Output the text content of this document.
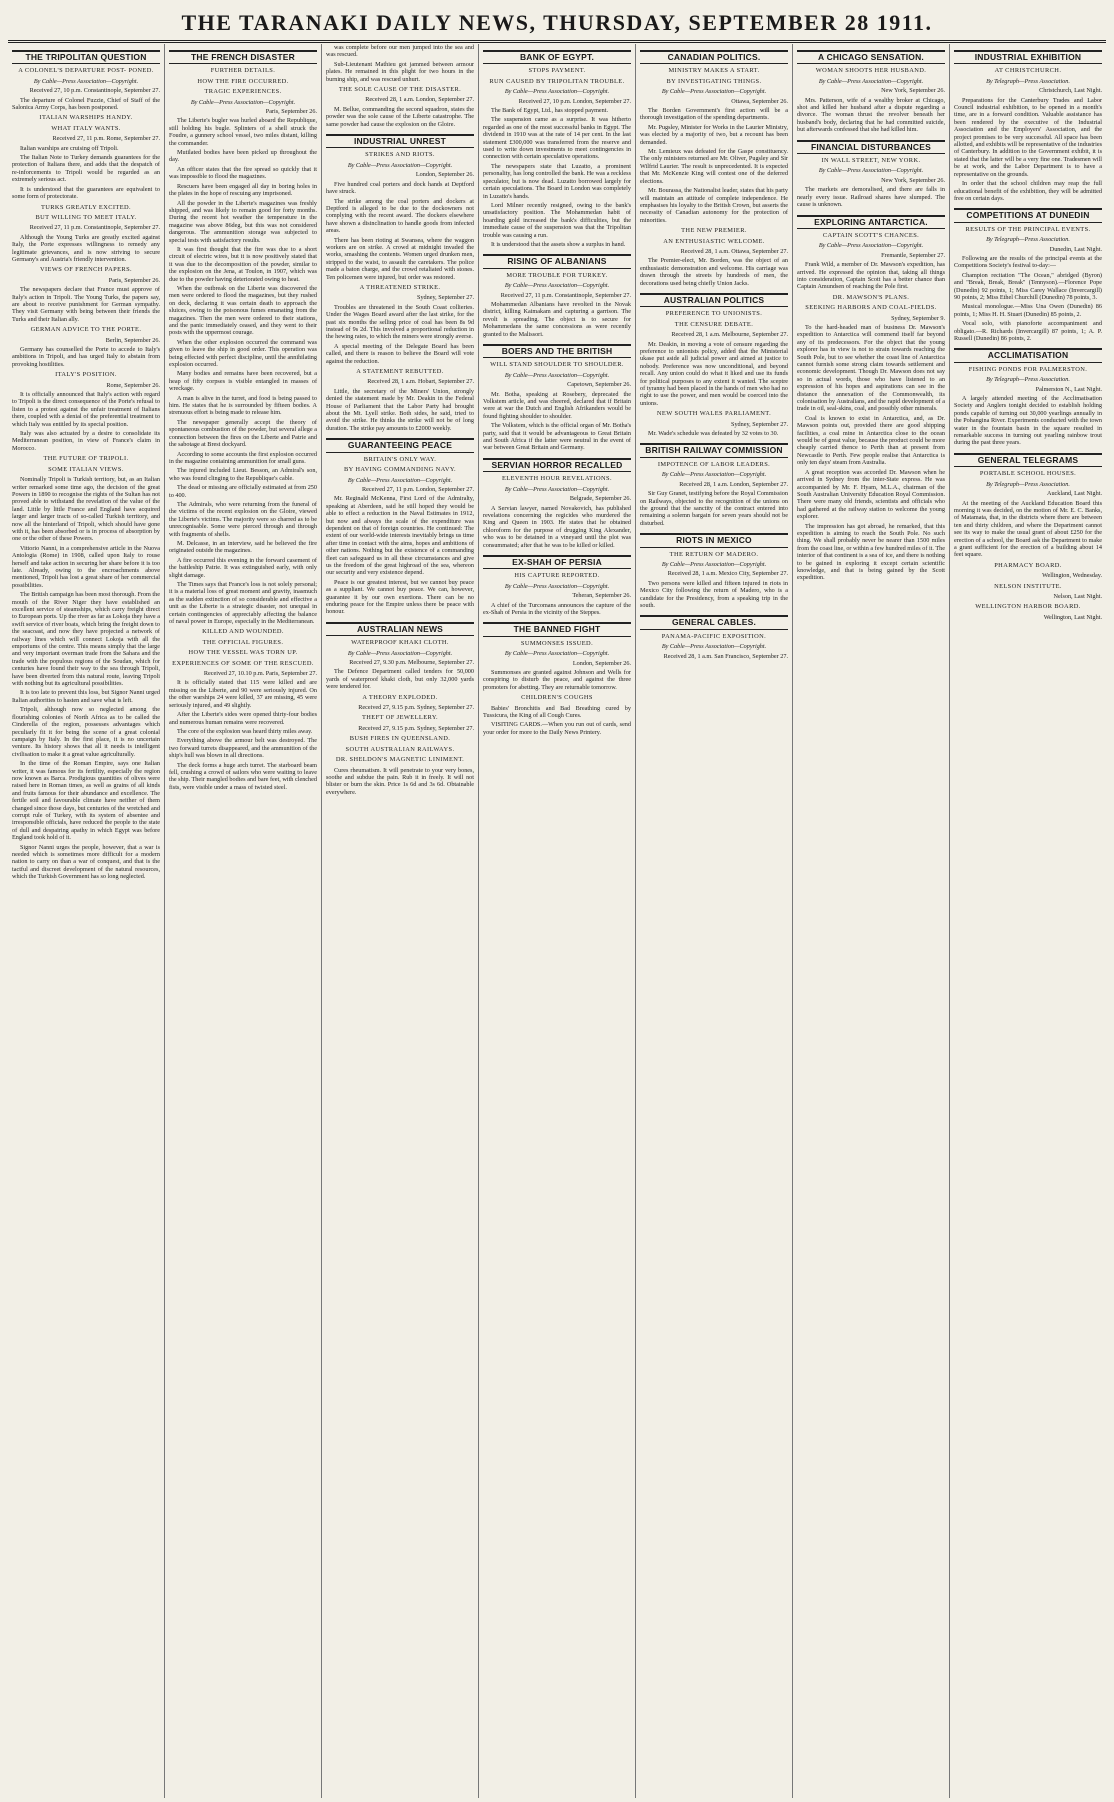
THE TARANAKI DAILY NEWS, THURSDAY, SEPTEMBER 28 1911.
THE TRIPOLITAN QUESTION
A COLONEL'S DEPARTURE POST- PONED.
By Cable—Press Association—Copyright.
Received 27, 10 p.m. Constantinople, September 27.
The departure of Colonel Fuzzie, Chief of Staff of the Salonica Army Corps, has been postponed.
ITALIAN WARSHIPS HANDY.
WHAT ITALY WANTS.
Received 27, 11 p.m. Rome, September 27.
Italian warships are cruising off Tripoli.
The Italian Note to Turkey demands guarantees for the protection of Italians there, and adds that the despatch of re-inforcements to Tripoli would be regarded as an extremely serious act.
It is understood that the guarantees are equivalent to some form of protectorate.
TURKS GREATLY EXCITED.
BUT WILLING TO MEET ITALY.
Received 27, 11 p.m. Constantinople, September 27.
Although the Young Turks are greatly excited against Italy, the Porte expresses willingness to remedy any legitimate grievances, and is now striving to secure Germany's and Austria's friendly intervention.
VIEWS OF FRENCH PAPERS.
Paris, September 26.
The newspapers declare that France must approve of Italy's action in Tripoli. The Young Turks, the papers say, are about to receive punishment for German sympathy. They visit Germany with being between their friends the Turks and their Italian ally.
GERMAN ADVICE TO THE PORTE.
Berlin, September 26.
Germany has counselled the Porte to accede to Italy's ambitions in Tripoli, and has urged Italy to abstain from provoking hostilities.
ITALY'S POSITION.
Rome, September 26.
It is officially announced that Italy's action with regard to Tripoli is the direct consequence of the Porte's refusal to listen to a protest against the unfair treatment of Italians there, coupled with a denial of the preferential treatment to which Italy was entitled by its special position.
Italy was also actuated by a desire to consolidate its Mediterranean position, in view of France's claim in Morocco.
THE FUTURE OF TRIPOLI.
SOME ITALIAN VIEWS.
Nominally Tripoli is Turkish territory, but, as an Italian writer remarked some time ago, the decision of the great Powers in 1890 to recognise the rights of the Sultan has not proved able to withstand the revelation of the value of the land. Little by little France and England have acquired larger and larger tracts of so-called Turkish territory, and now all the hinterland of Tripoli, which should have gone with it, has been absorbed or is in process of absorption by one or the other of these Powers.
Vittorio Nanni, in a comprehensive article in the Nuova Antologia (Rome) in 1908, called upon Italy to rouse herself and take action in securing her share before it is too late. Already, owing to the encroachments above mentioned, Tripoli has lost a great share of her commercial possibilities.
The British campaign has been most thorough. From the mouth of the River Niger they have established an excellent service of steamships, which carry freight direct to European ports. Up the river as far as Lokoja they have a swift service of river boats, which bring the freight down to the seacoast, and now they have projected a network of railway lines which will connect Lokoja with all the emporiums of the centre. This means simply that the large and very important overman trade from the Sahara and the trade with the populous regions of the Soudan, which for centuries have found their way to the sea through Tripoli, have been diverted from this natural route, leaving Tripoli with nothing but its agricultural possibilities.
It is too late to prevent this loss, but Signor Nanni urged Italian authorities to hasten and save what is left.
Tripoli, although now so neglected among the flourishing colonies of North Africa as to be called the Cinderella of the region, possesses advantages which peculiarly fit it for being the scene of a great colonial campaign by Italy. In the first place, it is no uncertain venture. Its history shows that all it needs is intelligent civilisation to make it a great value agriculturally.
In the time of the Roman Empire, says one Italian writer, it was famous for its fertility, especially the region now known as Barca. Prodigious quantities of olives were raised here in Roman times, as well as grains of all kinds and fruits famous for their abundance and excellence. The fertile soil and favourable climate have neither of them changed since those days, but centuries of the wretched and corrupt rule of Turkey, with its system of absentee and irresponsible officials, have reduced the people to the state of dull and despairing apathy in which Egypt was before England took hold of it.
Signor Nanni urges the people, however, that a war is needed which is sometimes more difficult for a modern nation to carry on than a war of conquest, and that is the tactful and discreet development of the natural resources, which the Turkish Government has so long neglected.
THE FRENCH DISASTER
FURTHER DETAILS.
HOW THE FIRE OCCURRED.
TRAGIC EXPERIENCES.
By Cable—Press Association—Copyright.
Paris, September 26.
The Liberte's bugler was hurled aboard the Republique, still holding his bugle. Splinters of a shell struck the Foudre, a gunnery school vessel, two miles distant, killing the commander.
Mutilated bodies have been picked up throughout the day.
An officer states that the fire spread so quickly that it was impossible to flood the magazines.
Rescuers have been engaged all day in boring holes in the plates in the hope of rescuing any imprisoned.
All the powder in the Liberte's magazines was freshly shipped, and was likely to remain good for forty months. During the recent hot weather the temperature in the magazine was above 86deg, but this was not considered dangerous. The ammunition storage was subjected to special tests with satisfactory results.
It was first thought that the fire was due to a short circuit of electric wires, but it is now positively stated that it was due to the decomposition of the powder, similar to the explosion on the Jena, at Toulon, in 1907, which was due to the powder having deteriorated owing to heat.
When the outbreak on the Liberte was discovered the men were ordered to flood the magazines, but they rushed on deck, declaring it was certain death to approach the sluices, owing to the poisonous fumes emanating from the magazines. Then the men were ordered to their stations, and the panic immediately ceased, and they went to their posts with the uppermost courage.
When the other explosion occurred the command was given to leave the ship in good order. This operation was being effected with perfect discipline, until the annihilating explosion occurred.
Many bodies and remains have been recovered, but a heap of fifty corpses is visible entangled in masses of wreckage.
A man is alive in the turret, and food is being passed to him. He states that he is surrounded by fifteen bodies. A strenuous effort is being made to release him.
The newspaper generally accept the theory of spontaneous combustion of the powder, but several allege a connection between the fires on the Liberte and Patrie and the sabotage at Brest dockyard.
According to some accounts the first explosion occurred in the magazine containing ammunition for small guns.
The injured included Lieut. Besson, an Admiral's son, who was found clinging to the Republique's cable.
The dead or missing are officially estimated at from 250 to 400.
The Admirals, who were returning from the funeral of the victims of the recent explosion on the Gloire, viewed the Liberte's victims. The majority were so charred as to be unrecognisable. Some were pierced through and through with fragments of shells.
M. Delcasse, in an interview, said he believed the fire originated outside the magazines.
A fire occurred this evening in the forward casement of the battleship Patrie. It was extinguished early, with only slight damage.
The Times says that France's loss is not solely personal; it is a material loss of great moment and gravity, inasmuch as the sudden extinction of so considerable and effective a unit as the Liberte is a strategic disaster, not unequal in certain contingencies of appreciably affecting the balance of naval power in Europe, especially in the Mediterranean.
KILLED AND WOUNDED.
THE OFFICIAL FIGURES.
HOW THE VESSEL WAS TORN UP.
EXPERIENCES OF SOME OF THE RESCUED.
Received 27, 10.10 p.m. Paris, September 27.
It is officially stated that 115 were killed and are missing on the Liberte, and 90 were seriously injured. On the other warships 24 were killed, 37 are missing, 45 were seriously injured, and 49 slightly.
After the Liberte's sides were opened thirty-four bodies and numerous human remains were recovered.
The core of the explosion was heard thirty miles away.
Everything above the armour belt was destroyed. The two forward turrets disappeared, and the ammunition of the ship's hull was blown in all directions.
The deck forms a huge arch turret. The starboard beam fell, crushing a crowd of sailors who were waiting to leave the ship. Their mangled bodies and bare feet, with clenched fists, were visible under a mass of twisted steel.
was complete before our men jumped into the sea and was rescued.
Sub-Lieutenant Mathieu got jammed between armour plates. He remained in this plight for two hours in the burning ship, and was rescued unhurt.
THE SOLE CAUSE OF THE DISASTER.
Received 28, 1 a.m. London, September 27.
M. Bellue, commanding the second squadron, states the powder was the sole cause of the Liberte catastrophe. The same powder had cause the explosion on the Gloire.
INDUSTRIAL UNREST
STRIKES AND RIOTS.
By Cable—Press Association—Copyright.
London, September 26.
Five hundred coal porters and dock hands at Deptford have struck.
The strike among the coal porters and dockers at Deptford is alleged to be due to the dockowners not complying with the recent award. The dockers elsewhere have shown a disinclination to handle goods from infected areas.
There has been rioting at Swansea, where the waggon workers are on strike. A crowd at midnight invaded the works, smashing the contents. Women urged drunken men, stripped to the waist, to assault the caretakers. The police made a baton charge, and the crowd retaliated with stones. Ten policemen were injured, but order was restored.
A THREATENED STRIKE.
Sydney, September 27.
Troubles are threatened in the South Coast collieries. Under the Wages Board award after the last strike, for the past six months the selling price of coal has been 8s 9d instead of 9s 2d. This involved a proportional reduction in the hewing rates, to which the miners were strongly averse.
A special meeting of the Delegate Board has been called, and there is reason to believe the Board will vote against the reduction.
A STATEMENT REBUTTED.
Received 28, 1 a.m. Hobart, September 27.
Little, the secretary of the Miners' Union, strongly denied the statement made by Mr. Deakin in the Federal House of Parliament that the Labor Party had brought about the Mt. Lyell strike. Both sides, he said, tried to avoid the strike. He thinks the strike will not be of long duration. The strike pay amounts to £2000 weekly.
GUARANTEEING PEACE
BRITAIN'S ONLY WAY.
BY HAVING COMMANDING NAVY.
By Cable—Press Association—Copyright.
Received 27, 11 p.m. London, September 27.
Mr. Reginald McKenna, First Lord of the Admiralty, speaking at Aberdeen, said he still hoped they would be able to effect a reduction in the Naval Estimates in 1912, but now and always the scale of the expenditure was dependent on that of foreign countries. He continued: The extent of our world-wide interests inevitably brings us time after time in contact with the aims, hopes and ambitions of other nations. Nothing but the existence of a commanding fleet can safeguard us in all these circumstances and give us the freedom of the great highroad of the sea, whereon our security and very existence depend.
Peace is our greatest interest, but we cannot buy peace as a suppliant. We cannot buy peace. We can, however, guarantee it by our own exertions. There can be no enduring peace for the Empire unless there be peace with honour.
AUSTRALIAN NEWS
WATERPROOF KHAKI CLOTH.
By Cable—Press Association—Copyright.
Received 27, 9.30 p.m. Melbourne, September 27.
The Defence Department called tenders for 50,000 yards of waterproof khaki cloth, but only 32,000 yards were tendered for.
A THEORY EXPLODED.
Received 27, 9.15 p.m. Sydney, September 27.
THEFT OF JEWELLERY.
Received 27, 9.15 p.m. Sydney, September 27.
BUSH FIRES IN QUEENSLAND.
SOUTH AUSTRALIAN RAILWAYS.
DR. SHELDON'S MAGNETIC LINIMENT.
Cures rheumatism. It will penetrate to your very bones, soothe and subdue the pain. Rub it in freely. It will not blister or burn the skin. Price 1s 6d and 3s 6d. Obtainable everywhere.
BANK OF EGYPT.
STOPS PAYMENT.
RUN CAUSED BY TRIPOLITAN TROUBLE.
By Cable—Press Association—Copyright.
Received 27, 10 p.m. London, September 27.
The Bank of Egypt, Ltd., has stopped payment.
The suspension came as a surprise. It was hitherto regarded as one of the most successful banks in Egypt. The dividend in 1910 was at the rate of 14 per cent. In the last statement £300,000 was transferred from the reserve and used to write down investments to meet contingencies in connection with certain speculative operations.
The newspapers state that Luzatto, a prominent personality, has long controlled the bank. He was a reckless speculator, but is now dead. Luzatto borrowed largely for certain speculations. The Board in London was completely in Luzatto's hands.
Lord Milner recently resigned, owing to the bank's unsatisfactory position. The Mohammedan habit of hoarding gold increased the bank's difficulties, but the immediate cause of the suspension was that the Tripolitan trouble was causing a run.
It is understood that the assets show a surplus in hand.
RISING OF ALBANIANS
MORE TROUBLE FOR TURKEY.
By Cable—Press Association—Copyright.
Received 27, 11 p.m. Constantinople, September 27.
Mohammedan Albanians have revolted in the Novak district, killing Kaimakam and capturing a garrison. The revolt is spreading. The object is to secure for Mohammedans the same concessions as were recently granted to the Malissori.
BOERS AND THE BRITISH
WILL STAND SHOULDER TO SHOULDER.
By Cable—Press Association—Copyright.
Capetown, September 26.
Mr. Botha, speaking at Rosebery, deprecated the Volkstem article, and was cheered, declared that if Britain were at war the Dutch and English Afrikanders would be found fighting shoulder to shoulder.
The Volkstem, which is the official organ of Mr. Botha's party, said that it would be advantageous to Great Britain and South Africa if the latter were neutral in the event of war between Great Britain and Germany.
SERVIAN HORROR RECALLED
ELEVENTH HOUR REVELATIONS.
By Cable—Press Association—Copyright.
Belgrade, September 26.
A Servian lawyer, named Novakovich, has published revelations concerning the regicides who murdered the King and Queen in 1903. He states that he obtained chloroform for the purpose of drugging King Alexander, who was to be detained in a vineyard until the plot was consummated; after that he was to be killed or killed.
EX-SHAH OF PERSIA
HIS CAPTURE REPORTED.
By Cable—Press Association—Copyright.
Teheran, September 26.
A chief of the Turcomans announces the capture of the ex-Shah of Persia in the vicinity of the Steppes.
THE BANNED FIGHT
SUMMONSES ISSUED.
By Cable—Press Association—Copyright.
London, September 26.
Summonses are granted against Johnson and Wells for conspiring to disturb the peace, and against the three promoters for abetting. They are returnable tomorrow.
CHILDREN'S COUGHS
Babies' Bronchitis and Bad Breathing cured by Tussicura, the King of all Cough Cures.
VISITING CARDS.—When you run out of cards, send your order for more to the Daily News Printery.
CANADIAN POLITICS.
MINISTRY MAKES A START.
BY INVESTIGATING THINGS.
By Cable—Press Association—Copyright.
Ottawa, September 26.
The Borden Government's first action will be a thorough investigation of the spending departments.
Mr. Pugsley, Minister for Works in the Laurier Ministry, was elected by a majority of two, but a recount has been demanded.
Mr. Lemieux was defeated for the Gaspe constituency. The only ministers returned are Mr. Oliver, Pugsley and Sir Wilfrid Laurier. The result is unprecedented. It is expected that Mr. McKenzie King will contest one of the deferred elections.
Mr. Bourassa, the Nationalist leader, states that his party will maintain an attitude of complete independence. He emphasises his loyalty to the British Crown, but asserts the necessity of Canadian autonomy for the protection of minorities.
THE NEW PREMIER.
AN ENTHUSIASTIC WELCOME.
Received 28, 1 a.m. Ottawa, September 27.
The Premier-elect, Mr. Borden, was the object of an enthusiastic demonstration and welcome. His carriage was drawn through the streets by hundreds of men, the decorations used being chiefly Union Jacks.
AUSTRALIAN POLITICS
PREFERENCE TO UNIONISTS.
THE CENSURE DEBATE.
Received 28, 1 a.m. Melbourne, September 27.
Mr. Deakin, in moving a vote of censure regarding the preference to unionists policy, added that the Ministerial ukase put aside all judicial power and aimed at justice to nobody. Preference was now unconditional, and beyond recall. Any union could do what it liked and use its funds for political purposes to any extent it wanted. The sceptre of tyranny had been placed in the hands of men who had no right to use the power, and men would be coerced into the unions.
NEW SOUTH WALES PARLIAMENT.
Sydney, September 27.
Mr. Wade's schedule was defeated by 32 votes to 30.
BRITISH RAILWAY COMMISSION
IMPOTENCE OF LABOR LEADERS.
By Cable—Press Association—Copyright.
Received 28, 1 a.m. London, September 27.
Sir Guy Granet, testifying before the Royal Commission on Railways, objected to the recognition of the unions on the ground that the sanctity of the contract entered into remaining a solemn bargain for seven years should not be disturbed.
RIOTS IN MEXICO
THE RETURN OF MADERO.
By Cable—Press Association—Copyright.
Received 28, 1 a.m. Mexico City, September 27.
Two persons were killed and fifteen injured in riots in Mexico City following the return of Madero, who is a candidate for the Presidency, from a speaking trip in the south.
GENERAL CABLES.
PANAMA-PACIFIC EXPOSITION.
By Cable—Press Association—Copyright.
Received 28, 1 a.m. San Francisco, September 27.
A CHICAGO SENSATION.
WOMAN SHOOTS HER HUSBAND.
By Cable—Press Association—Copyright.
New York, September 26.
Mrs. Patterson, wife of a wealthy broker at Chicago, shot and killed her husband after a dispute regarding a divorce. The woman thrust the revolver beneath her husband's body, declaring that he had committed suicide, but afterwards confessed that she had killed him.
FINANCIAL DISTURBANCES
IN WALL STREET, NEW YORK.
By Cable—Press Association—Copyright.
New York, September 26.
The markets are demoralised, and there are falls in nearly every issue. Railroad shares have slumped. The cause is unknown.
EXPLORING ANTARCTICA.
CAPTAIN SCOTT'S CHANCES.
By Cable—Press Association—Copyright.
Fremantle, September 27.
Frank Wild, a member of Dr. Mawson's expedition, has arrived. He expressed the opinion that, taking all things into consideration, Captain Scott has a better chance than Captain Amundsen of reaching the Pole first.
DR. MAWSON'S PLANS.
SEEKING HARBORS AND COAL-FIELDS.
Sydney, September 9.
To the hard-headed man of business Dr. Mawson's expedition to Antarctica will commend itself far beyond any of its predecessors. For the object that the young explorer has in view is not to strain towards reaching the South Pole, but to see whether the coast line of Antarctica cannot furnish some strong claim towards settlement and economic development. Though Dr. Mawson does not say so in actual words, those who have listened to an expression of his hopes and aspirations can see in the distance the annexation of the Commonwealth, its colonisation by Australians, and the rapid development of a trade in oil, seal-skins, coal, and possibly other minerals.
Coal is known to exist in Antarctica, and, as Dr. Mawson points out, provided there are good shipping facilities, a coal mine in Antarctica close to the ocean would be of great value, because the product could be more cheaply carried thence to Perth than at present from Newcastle to Perth. Few people realise that Antarctica is only ten days' steam from Australia.
A great reception was accorded Dr. Mawson when he arrived in Sydney from the inter-State express. He was accompanied by Mr. F. Hyam, M.L.A., chairman of the South Australian University Education Royal Commission. There were many old friends, scientists and officials who had gathered at the railway station to welcome the young explorer.
The impression has got abroad, he remarked, that this expedition is aiming to reach the South Pole. No such thing. We shall probably never be nearer than 1500 miles from the coast line, or within a few hundred miles of it. The interior of that continent is a sea of ice, and there is nothing to be gained in exploring it except certain scientific knowledge, and that is being gained by the Scott expedition.
INDUSTRIAL EXHIBITION
AT CHRISTCHURCH.
By Telegraph—Press Association.
Christchurch, Last Night.
Preparations for the Canterbury Trades and Labor Council industrial exhibition, to be opened in a month's time, are in a forward condition. Valuable assistance has been rendered by the executive of the Industrial Association and the Employers' Association, and the project promises to be very successful. All space has been allotted, and exhibits will be representative of the industries of Canterbury. In addition to the Government exhibit, it is stated that the latter will be a very fine one. Tradesmen will be at work, and the Labor Department is to have a representative on the grounds.
In order that the school children may reap the full educational benefit of the exhibition, they will be admitted free on certain days.
COMPETITIONS AT DUNEDIN
RESULTS OF THE PRINCIPAL EVENTS.
By Telegraph—Press Association.
Dunedin, Last Night.
Following are the results of the principal events at the Competitions Society's festival to-day:—
Champion recitation "The Ocean," abridged (Byron) and "Break, Break, Break" (Tennyson).—Florence Pope (Dunedin) 92 points, 1; Miss Carey Wallace (Invercargill) 90 points, 2; Miss Ethel Churchill (Dunedin) 78 points, 3.
Musical monologue.—Miss Una Owen (Dunedin) 86 points, 1; Miss H. H. Stuart (Dunedin) 85 points, 2.
Vocal solo, with pianoforte accompaniment and obligato.—R. Richards (Invercargill) 87 points, 1; A. P. Russell (Dunedin) 86 points, 2.
ACCLIMATISATION
FISHING PONDS FOR PALMERSTON.
By Telegraph—Press Association.
Palmerston N., Last Night.
A largely attended meeting of the Acclimatisation Society and Anglers tonight decided to establish holding ponds capable of turning out 30,000 yearlings annually in the Pohangina River. Experiments conducted with the town water in the fountain basin in the square resulted in remarkable success in turning out yearling rainbow trout during the past three years.
GENERAL TELEGRAMS
PORTABLE SCHOOL HOUSES.
By Telegraph—Press Association.
Auckland, Last Night.
At the meeting of the Auckland Education Board this morning it was decided, on the motion of Mr. E. C. Banks, of Matamata, that, in the districts where there are between ten and thirty children, and where the Department cannot see its way to make the usual grant of about £250 for the erection of a school, the Board ask the Department to make a grant sufficient for the erection of a building about 14 feet square.
PHARMACY BOARD.
Wellington, Wednesday.
NELSON INSTITUTE.
Nelson, Last Night.
WELLINGTON HARBOR BOARD.
Wellington, Last Night.
